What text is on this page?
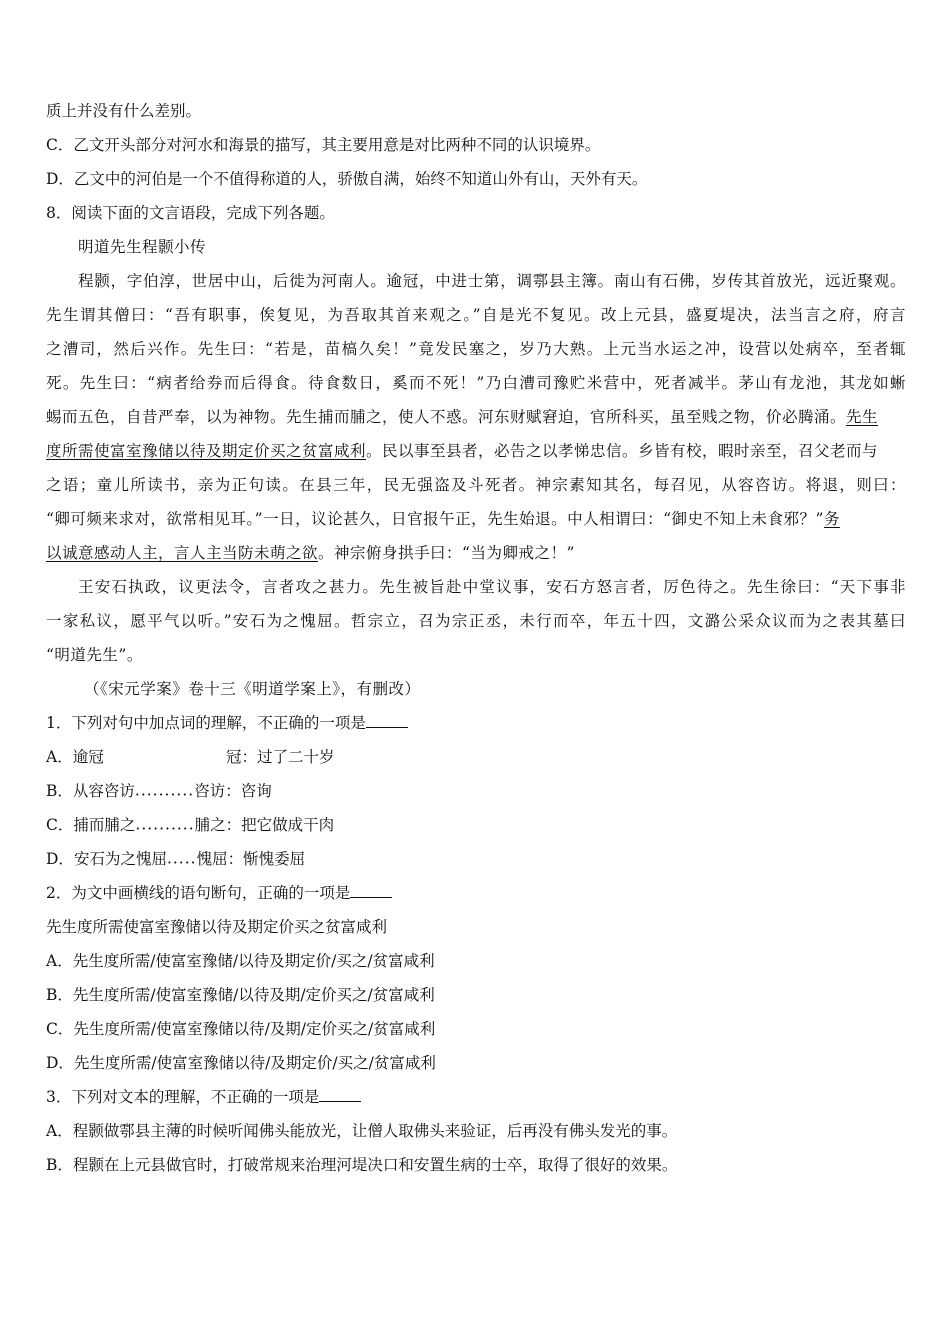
质上并没有什么差别。
C．乙文开头部分对河水和海景的描写，其主要用意是对比两种不同的认识境界。
D．乙文中的河伯是一个不值得称道的人，骄傲自满，始终不知道山外有山，天外有天。
8．阅读下面的文言语段，完成下列各题。
明道先生程颢小传
程颢，字伯淳，世居中山，后徙为河南人。逾冠，中进士第，调鄠县主簿。南山有石佛，岁传其首放光，远近聚观。
先生谓其僧曰：“吾有职事，俟复见，为吾取其首来观之。”自是光不复见。改上元县，盛夏堤决，法当言之府，府言
之漕司，然后兴作。先生曰：“若是，苗槁久矣！”竟发民塞之，岁乃大熟。上元当水运之冲，设营以处病卒，至者辄
死。先生曰：“病者给券而后得食。待食数日，奚而不死！”乃白漕司豫贮米营中，死者减半。茅山有龙池，其龙如蜥
蜴而五色，自昔严奉，以为神物。先生捕而脯之，使人不惑。河东财赋窘迫，官所科买，虽至贱之物，价必腾涌。先生
度所需使富室豫储以待及期定价买之贫富咸利。民以事至县者，必告之以孝悌忠信。乡皆有校，暇时亲至，召父老而与
之语；童儿所读书，亲为正句读。在县三年，民无强盗及斗死者。神宗素知其名，每召见，从容咨访。将退，则曰：
“卿可频来求对，欲常相见耳。”一日，议论甚久，日官报午正，先生始退。中人相谓曰：“御史不知上未食邪？”务
以诚意感动人主，言人主当防未萌之欲。神宗俯身拱手曰：“当为卿戒之！”
王安石执政，议更法令，言者攻之甚力。先生被旨赴中堂议事，安石方怒言者，厉色待之。先生徐曰：“天下事非
一家私议，愿平气以听。”安石为之愧屈。哲宗立，召为宗正丞，未行而卒，年五十四，文潞公采众议而为之表其墓曰
“明道先生”。
（《宋元学案》卷十三《明道学案上》，有删改）
1．下列对句中加点词的理解，不正确的一项是
A．逾冠	冠：过了二十岁
B．从容咨访··········咨访：咨询
C．捕而脯之··········脯之：把它做成干肉
D．安石为之愧屈·····愧屈：惭愧委屈
2．为文中画横线的语句断句，正确的一项是
先生度所需使富室豫储以待及期定价买之贫富咸利
A．先生度所需/使富室豫储/以待及期定价/买之/贫富咸利
B．先生度所需/使富室豫储/以待及期/定价买之/贫富咸利
C．先生度所需/使富室豫储以待/及期/定价买之/贫富咸利
D．先生度所需/使富室豫储以待/及期定价/买之/贫富咸利
3．下列对文本的理解，不正确的一项是
A．程颢做鄠县主薄的时候听闻佛头能放光，让僧人取佛头来验证，后再没有佛头发光的事。
B．程颢在上元县做官时，打破常规来治理河堤决口和安置生病的士卒，取得了很好的效果。
